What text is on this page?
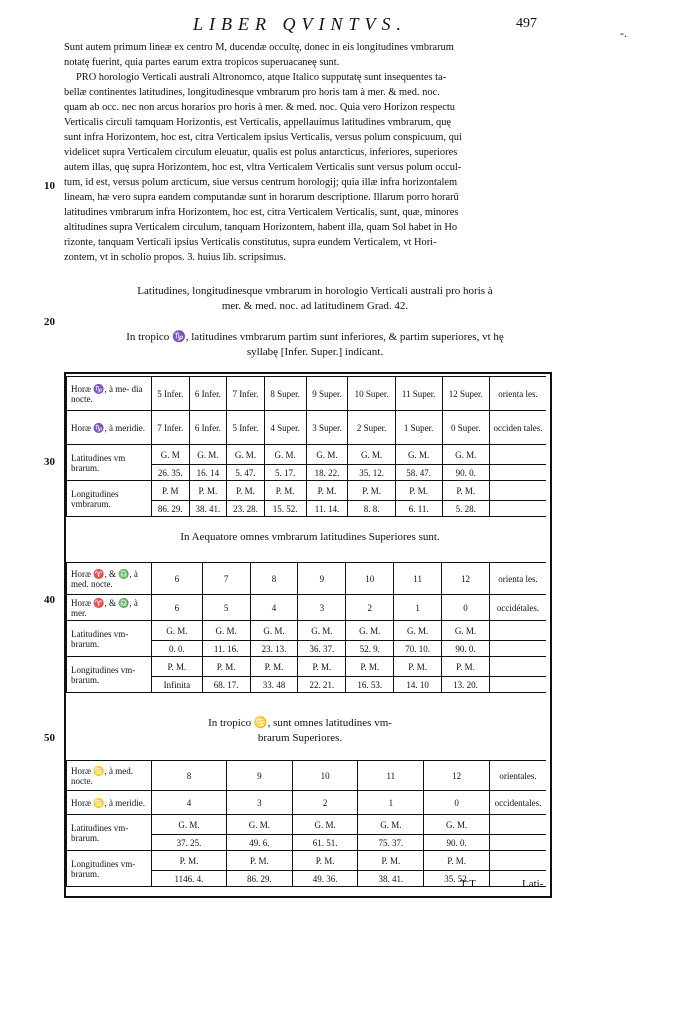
LIBER QVINTVS.	497
-.
Sunt autem primum lineæ ex centro M, ducendæ occultę, donec in eis longitudines vmbrarum
notatę fuerint, quia partes earum extra tropicos superuacaneę sunt.
PRO horologio Verticali australi Altronomco, atque Italico supputatę sunt insequentes ta-
bellæ continentes latitudines, longitudinesque vmbrarum pro horis tam à mer. & med. noc.
quam ab occ. nec non arcus horarios pro horis à mer. & med. noc. Quia vero Horizon respectu
Verticalis circuli tamquam Horizontis, est Verticalis, appellauimus latitudines vmbrarum, quę
sunt infra Horizontem, hoc est, citra Verticalem ipsius Verticalis, versus polum conspicuum, qui
videlicet supra Verticalem circulum eleuatur, qualis est polus antarcticus, inferiores, superiores
autem illas, quę supra Horizontem, hoc est, vltra Verticalem Verticalis sunt versus polum occul-
tum, id est, versus polum arcticum, siue versus centrum horologij; quia illæ infra horizontalem
lineam, hæ vero supra eandem computandæ sunt in horarum descriptione. Illarum porro horarū
latitudines vmbrarum infra Horizontem, hoc est, citra Verticalem Verticalis, sunt, quæ, minores
altitudines supra Verticalem circulum, tanquam Horizontem, habent illa, quam Sol habet in Ho
rizonte, tanquam Verticali ipsius Verticalis constitutus, supra eundem Verticalem, vt Hori-
zontem, vt in scholio propos. 3. huius lib. scripsimus.
10
20
30
40
50
Latitudines, longitudinesque vmbrarum in horologio Verticali australi pro horis à
mer. & med. noc. ad latitudinem Grad. 42.
In tropico ♑, latitudines vmbrarum partim sunt inferiores, & partim superiores, vt hę
syllabę [Infer. Super.] indicant.
Horæ ♑, à me- dia nocte.	5 Infer.	6 Infer.	7 Infer.	8 Super.	9 Super.	10 Super.	11 Super.	12 Super.	orienta les.
Horæ ♑, à meridie.	7 Infer.	6 Infer.	5 Infer.	4 Super.	3 Super.	2 Super.	1 Super.	0 Super.	occiden tales.
Latitudines vm brarum.	G. M	G. M.	G. M.	G. M.	G. M.	G. M.	G. M.	G. M.	
	26. 35.	16. 14	5. 47.	5. 17.	18. 22.	35. 12.	58. 47.	90. 0.	
Longitudines vmbrarum.	P. M	P. M.	P. M.	P. M.	P. M.	P. M.	P. M.	P. M.	
	86. 29.	38. 41.	23. 28.	15. 52.	11. 14.	8. 8.	6. 11.	5. 28.	
In Aequatore omnes vmbrarum latitudines Superiores sunt.
Horæ ♈, & ♎, à med. nocte.	6	7	8	9	10	11	12	orienta les.
Horæ ♈, & ♎, à mer.	6	5	4	3	2	1	0	occidétales.
Latitudines vm- brarum.	G. M.	G. M.	G. M.	G. M.	G. M.	G. M.	G. M.	
	0. 0.	11. 16.	23. 13.	36. 37.	52. 9.	70. 10.	90. 0.	
Longitudines vm- brarum.	P. M.	P. M.	P. M.	P. M.	P. M.	P. M.	P. M.	
	Infinita	68. 17.	33. 48	22. 21.	16. 53.	14. 10	13. 20.	
In tropico ♋, sunt omnes latitudines vm-
brarum Superiores.
Horæ ♋, à med. nocte.	8	9	10	11	12	orientales.
Horæ ♋, à meridie.	4	3	2	1	0	occidentales.
Latitudines vm- brarum.	G. M.	G. M.	G. M.	G. M.	G. M.	
	37. 25.	49. 6.	61. 51.	75. 37.	90. 0.	
Longitudines vm- brarum.	P. M.	P. M.	P. M.	P. M.	P. M.	
	1146. 4.	86. 29.	49. 36.	38. 41.	35. 52.	
T T	Lati-
